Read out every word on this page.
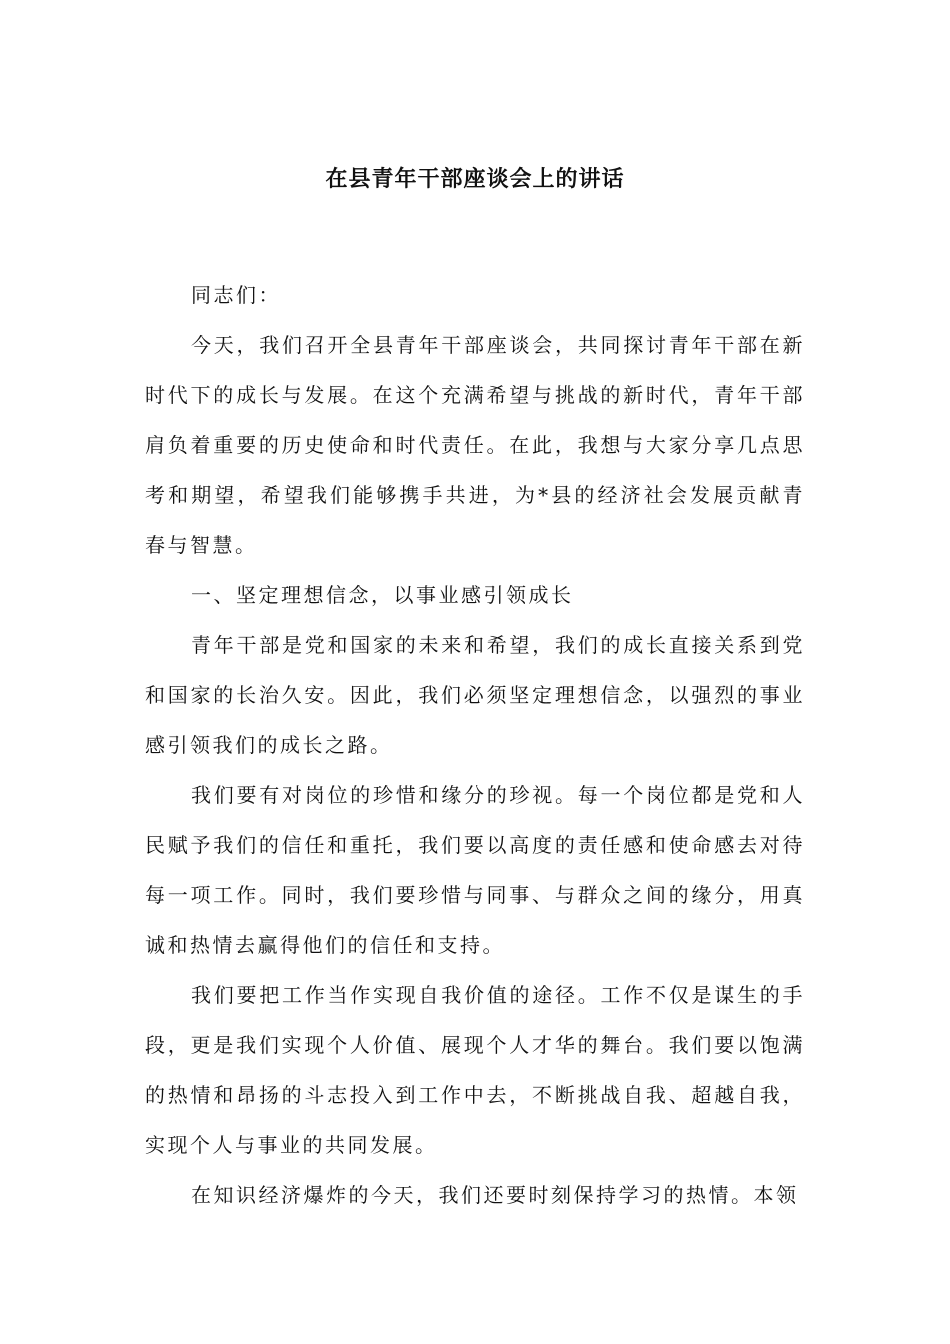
在县青年干部座谈会上的讲话

同志们：

今天，我们召开全县青年干部座谈会，共同探讨青年干部在新时代下的成长与发展。在这个充满希望与挑战的新时代，青年干部肩负着重要的历史使命和时代责任。在此，我想与大家分享几点思考和期望，希望我们能够携手共进，为*县的经济社会发展贡献青春与智慧。

一、坚定理想信念，以事业感引领成长

青年干部是党和国家的未来和希望，我们的成长直接关系到党和国家的长治久安。因此，我们必须坚定理想信念，以强烈的事业感引领我们的成长之路。

我们要有对岗位的珍惜和缘分的珍视。每一个岗位都是党和人民赋予我们的信任和重托，我们要以高度的责任感和使命感去对待每一项工作。同时，我们要珍惜与同事、与群众之间的缘分，用真诚和热情去赢得他们的信任和支持。

我们要把工作当作实现自我价值的途径。工作不仅是谋生的手段，更是我们实现个人价值、展现个人才华的舞台。我们要以饱满的热情和昂扬的斗志投入到工作中去，不断挑战自我、超越自我，实现个人与事业的共同发展。

在知识经济爆炸的今天，我们还要时刻保持学习的热情。本领
